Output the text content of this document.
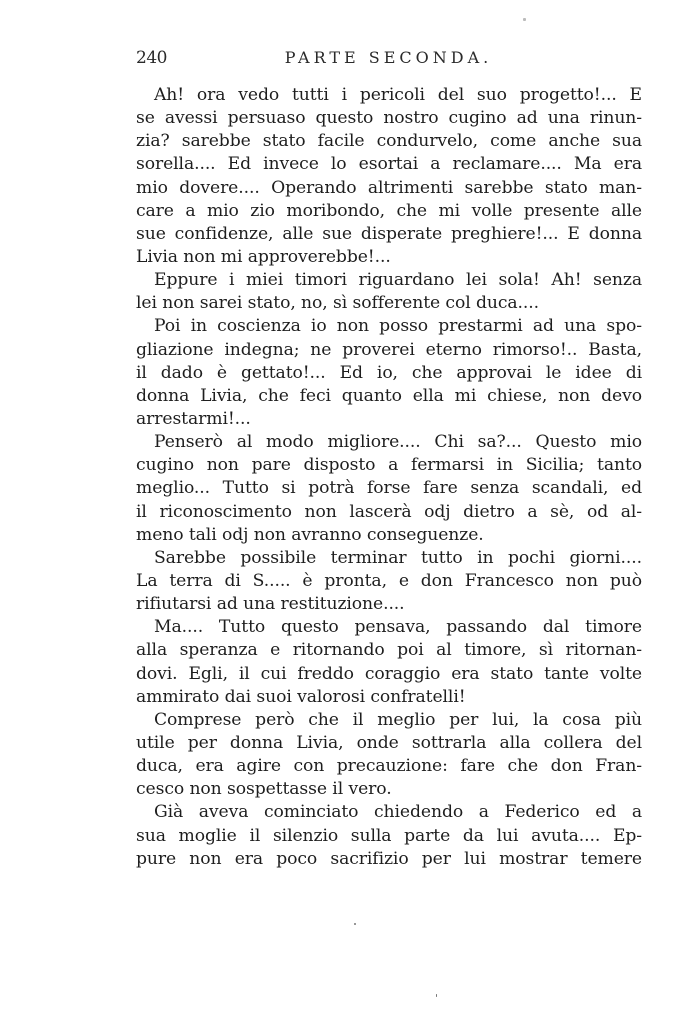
240	PARTE SECONDA.
Ah! ora vedo tutti i pericoli del suo progetto!... E
se avessi persuaso questo nostro cugino ad una rinun-
zia? sarebbe stato facile condurvelo, come anche sua
sorella.... Ed invece lo esortai a reclamare.... Ma era
mio dovere.... Operando altrimenti sarebbe stato man-
care a mio zio moribondo, che mi volle presente alle
sue confidenze, alle sue disperate preghiere!... E donna
Livia non mi approverebbe!...
Eppure i miei timori riguardano lei sola! Ah! senza
lei non sarei stato, no, sì sofferente col duca....
Poi in coscienza io non posso prestarmi ad una spo-
gliazione indegna; ne proverei eterno rimorso!.. Basta,
il dado è gettato!... Ed io, che approvai le idee di
donna Livia, che feci quanto ella mi chiese, non devo
arrestarmi!...
Penserò al modo migliore.... Chi sa?... Questo mio
cugino non pare disposto a fermarsi in Sicilia; tanto
meglio... Tutto si potrà forse fare senza scandali, ed
il riconoscimento non lascerà odj dietro a sè, od al-
meno tali odj non avranno conseguenze.
Sarebbe possibile terminar tutto in pochi giorni....
La terra di S..... è pronta, e don Francesco non può
rifiutarsi ad una restituzione....
Ma.... Tutto questo pensava, passando dal timore
alla speranza e ritornando poi al timore, sì ritornan-
dovi. Egli, il cui freddo coraggio era stato tante volte
ammirato dai suoi valorosi confratelli!
Comprese però che il meglio per lui, la cosa più
utile per donna Livia, onde sottrarla alla collera del
duca, era agire con precauzione: fare che don Fran-
cesco non sospettasse il vero.
Già aveva cominciato chiedendo a Federico ed a
sua moglie il silenzio sulla parte da lui avuta.... Ep-
pure non era poco sacrifizio per lui mostrar temere
